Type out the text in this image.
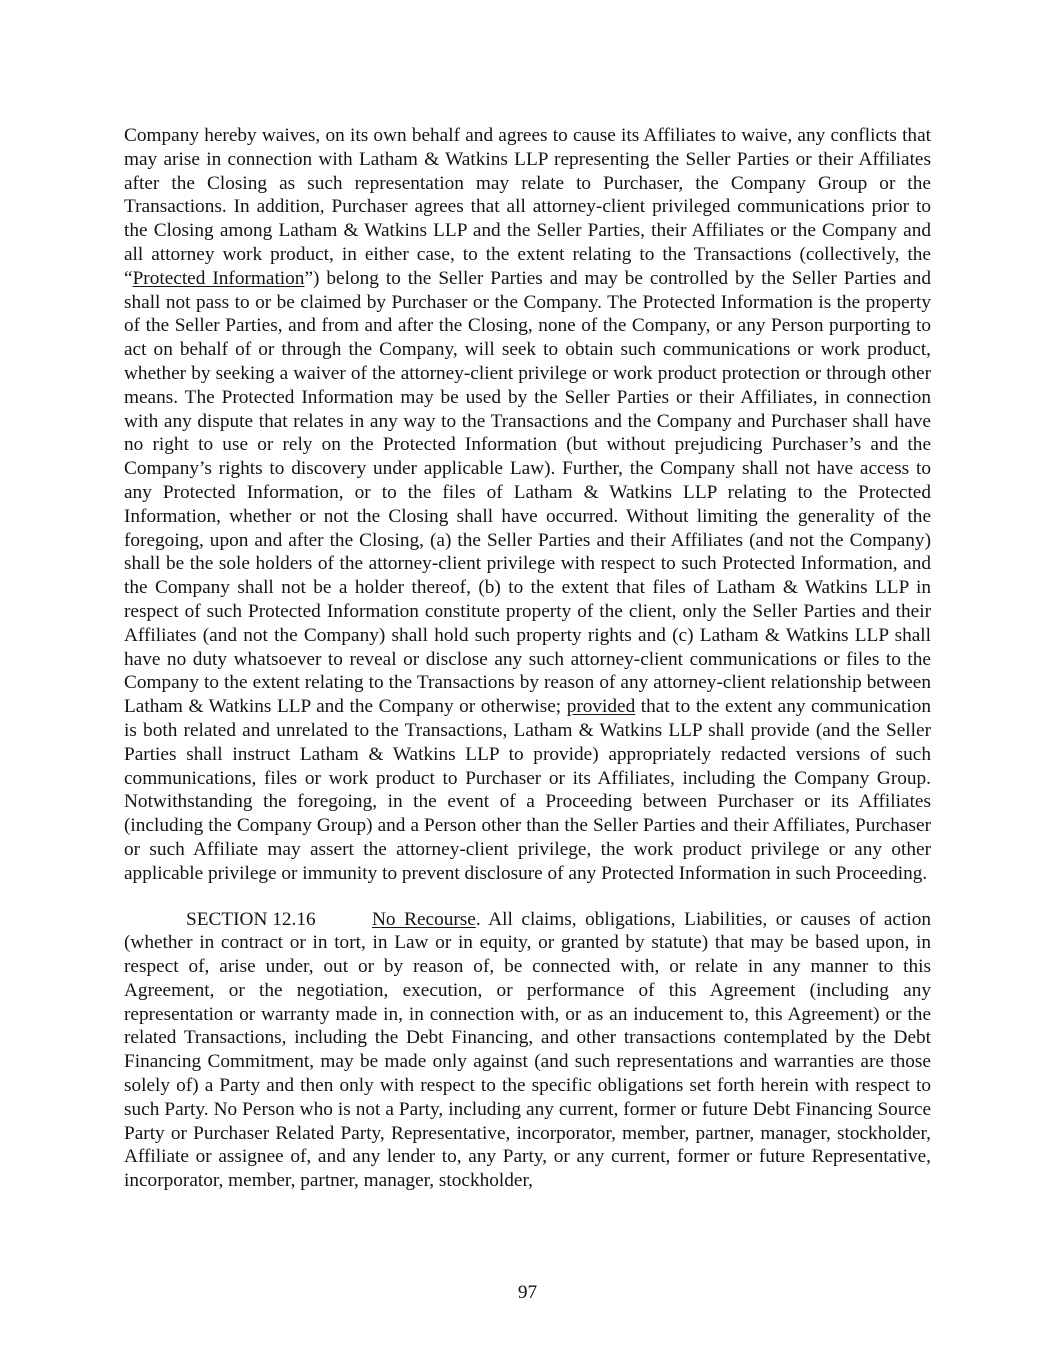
Company hereby waives, on its own behalf and agrees to cause its Affiliates to waive, any conflicts that may arise in connection with Latham & Watkins LLP representing the Seller Parties or their Affiliates after the Closing as such representation may relate to Purchaser, the Company Group or the Transactions. In addition, Purchaser agrees that all attorney-client privileged communications prior to the Closing among Latham & Watkins LLP and the Seller Parties, their Affiliates or the Company and all attorney work product, in either case, to the extent relating to the Transactions (collectively, the “Protected Information”) belong to the Seller Parties and may be controlled by the Seller Parties and shall not pass to or be claimed by Purchaser or the Company. The Protected Information is the property of the Seller Parties, and from and after the Closing, none of the Company, or any Person purporting to act on behalf of or through the Company, will seek to obtain such communications or work product, whether by seeking a waiver of the attorney-client privilege or work product protection or through other means. The Protected Information may be used by the Seller Parties or their Affiliates, in connection with any dispute that relates in any way to the Transactions and the Company and Purchaser shall have no right to use or rely on the Protected Information (but without prejudicing Purchaser’s and the Company’s rights to discovery under applicable Law). Further, the Company shall not have access to any Protected Information, or to the files of Latham & Watkins LLP relating to the Protected Information, whether or not the Closing shall have occurred. Without limiting the generality of the foregoing, upon and after the Closing, (a) the Seller Parties and their Affiliates (and not the Company) shall be the sole holders of the attorney-client privilege with respect to such Protected Information, and the Company shall not be a holder thereof, (b) to the extent that files of Latham & Watkins LLP in respect of such Protected Information constitute property of the client, only the Seller Parties and their Affiliates (and not the Company) shall hold such property rights and (c) Latham & Watkins LLP shall have no duty whatsoever to reveal or disclose any such attorney-client communications or files to the Company to the extent relating to the Transactions by reason of any attorney-client relationship between Latham & Watkins LLP and the Company or otherwise; provided that to the extent any communication is both related and unrelated to the Transactions, Latham & Watkins LLP shall provide (and the Seller Parties shall instruct Latham & Watkins LLP to provide) appropriately redacted versions of such communications, files or work product to Purchaser or its Affiliates, including the Company Group. Notwithstanding the foregoing, in the event of a Proceeding between Purchaser or its Affiliates (including the Company Group) and a Person other than the Seller Parties and their Affiliates, Purchaser or such Affiliate may assert the attorney-client privilege, the work product privilege or any other applicable privilege or immunity to prevent disclosure of any Protected Information in such Proceeding.

SECTION 12.16	No Recourse. All claims, obligations, Liabilities, or causes of action (whether in contract or in tort, in Law or in equity, or granted by statute) that may be based upon, in respect of, arise under, out or by reason of, be connected with, or relate in any manner to this Agreement, or the negotiation, execution, or performance of this Agreement (including any representation or warranty made in, in connection with, or as an inducement to, this Agreement) or the related Transactions, including the Debt Financing, and other transactions contemplated by the Debt Financing Commitment, may be made only against (and such representations and warranties are those solely of) a Party and then only with respect to the specific obligations set forth herein with respect to such Party. No Person who is not a Party, including any current, former or future Debt Financing Source Party or Purchaser Related Party, Representative, incorporator, member, partner, manager, stockholder, Affiliate or assignee of, and any lender to, any Party, or any current, former or future Representative, incorporator, member, partner, manager, stockholder,

97
